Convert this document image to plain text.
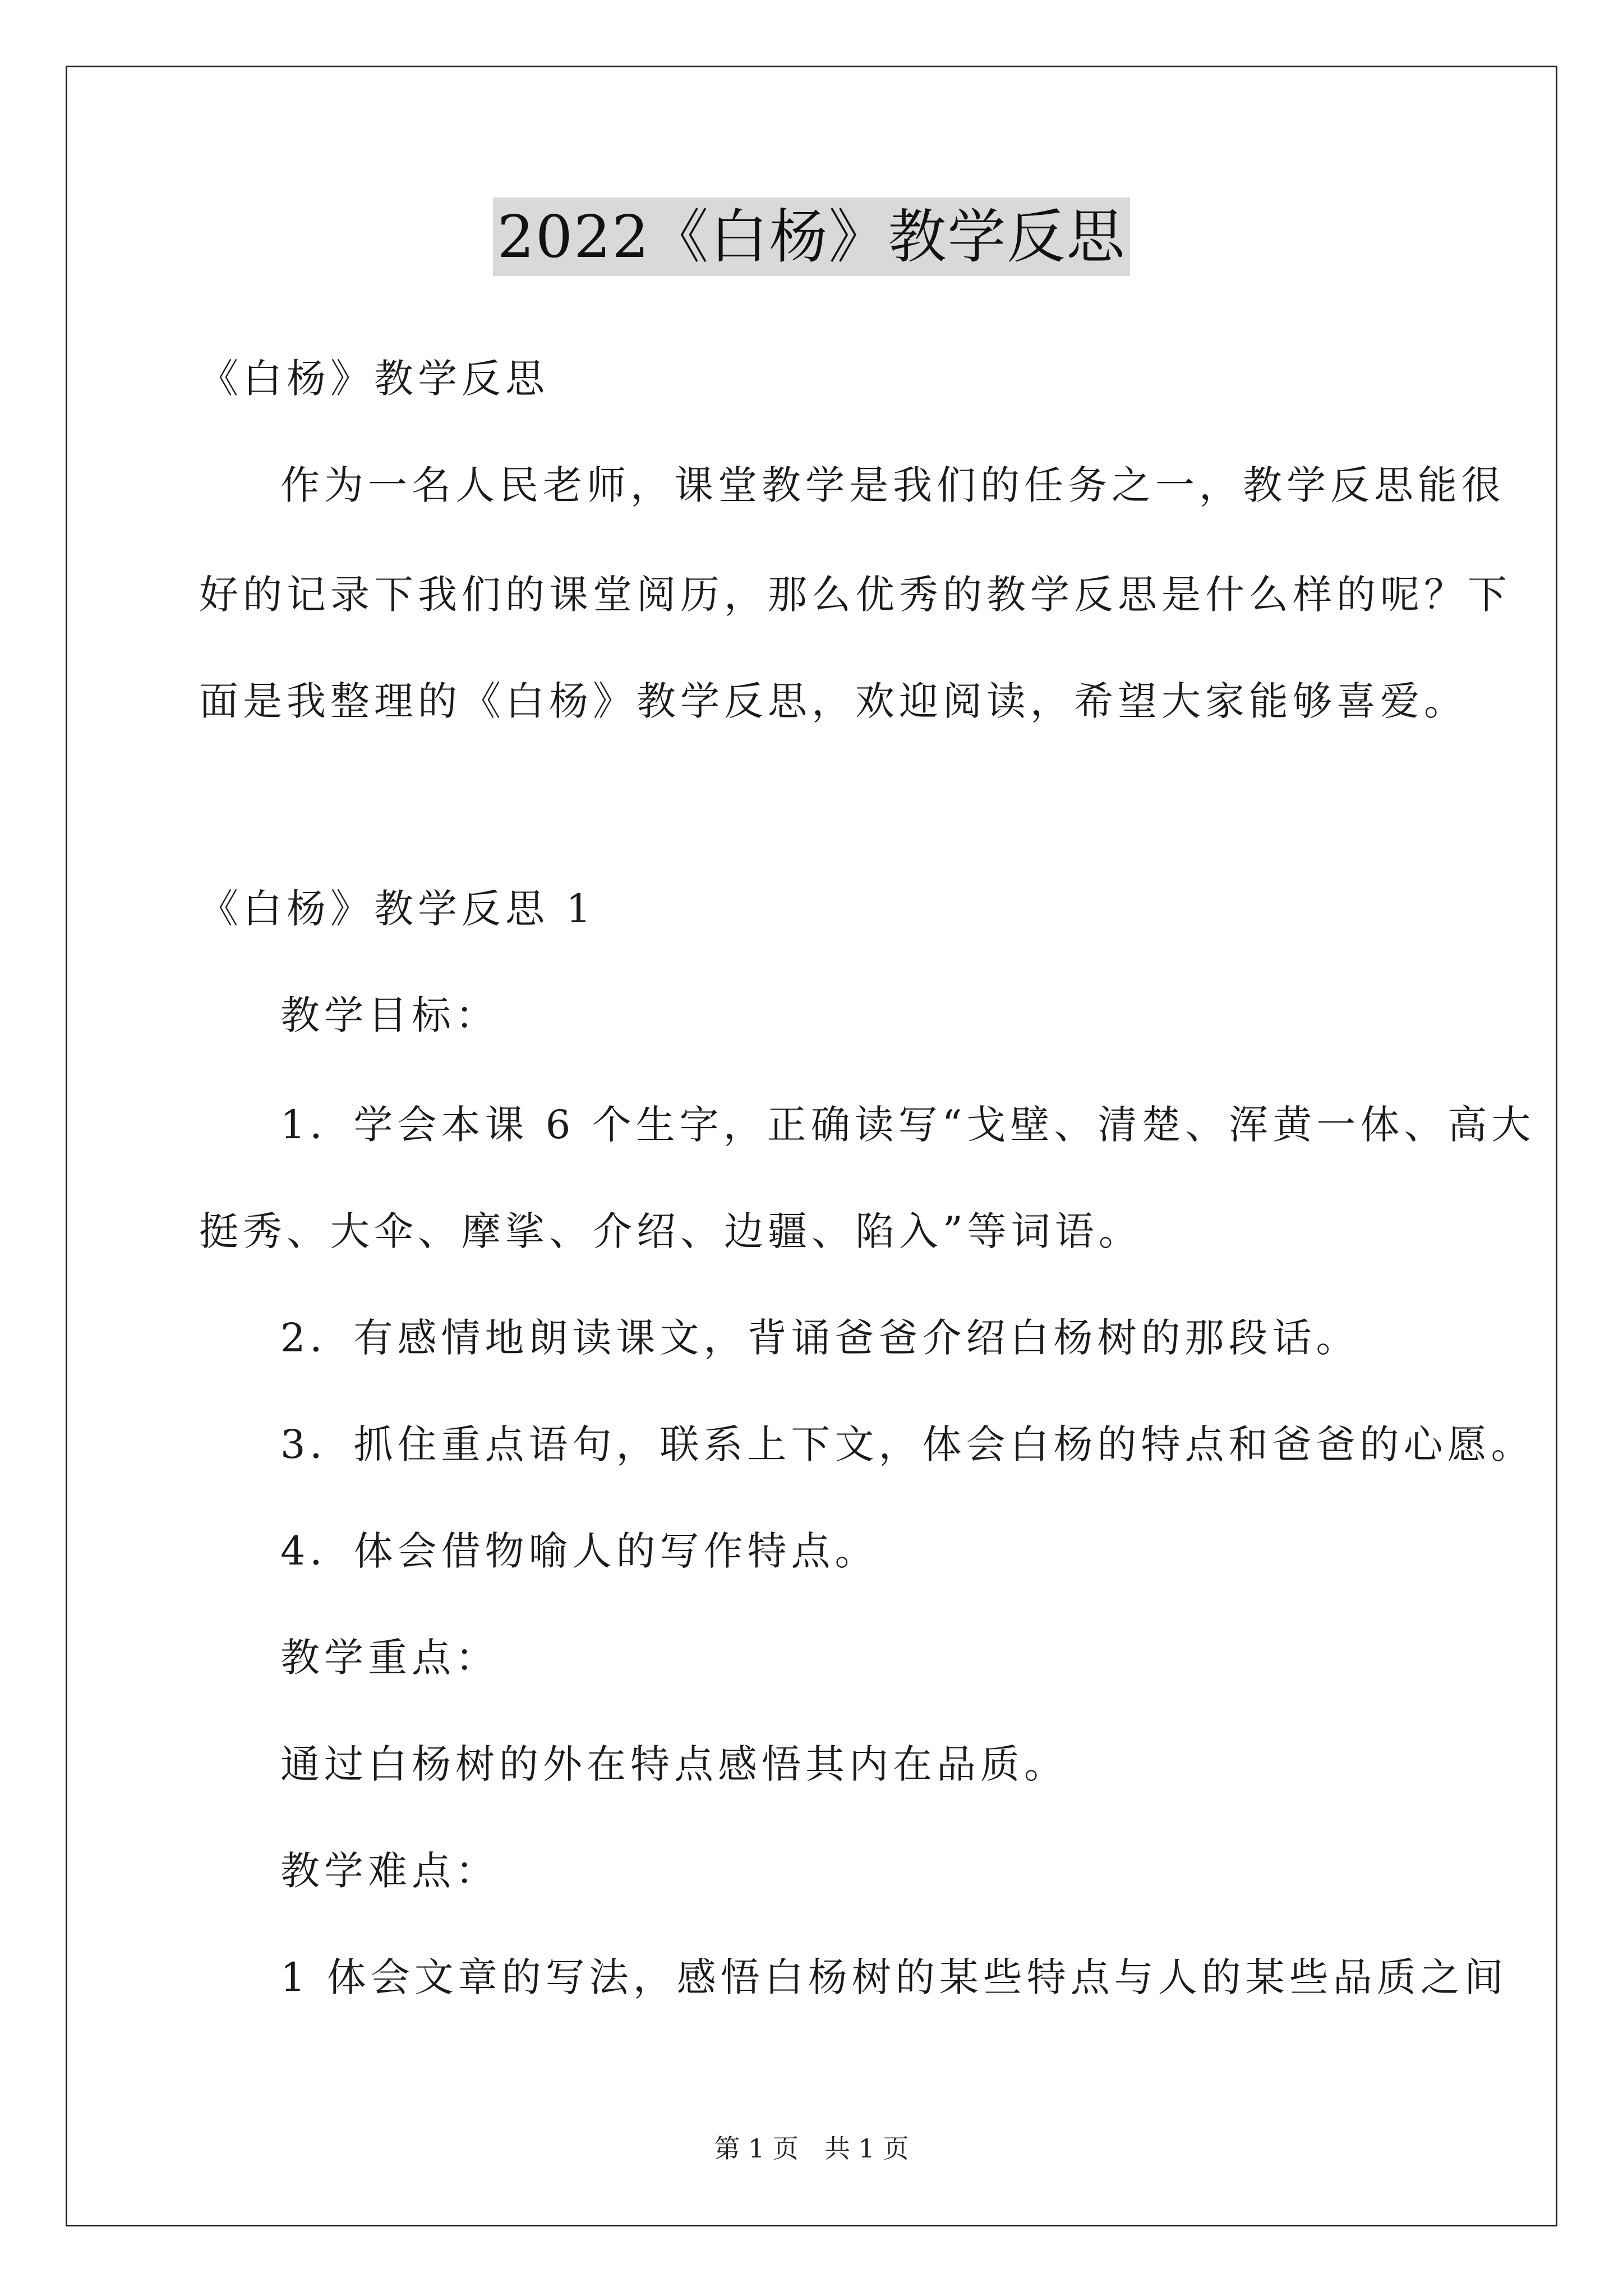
2022《白杨》教学反思
《白杨》教学反思
作为一名人民老师，课堂教学是我们的任务之一，教学反思能很
好的记录下我们的课堂阅历，那么优秀的教学反思是什么样的呢？下
面是我整理的《白杨》教学反思，欢迎阅读，希望大家能够喜爱。
《白杨》教学反思 1
教学目标：
1．学会本课 6 个生字，正确读写“戈壁、清楚、浑黄一体、高大
挺秀、大伞、摩挲、介绍、边疆、陷入”等词语。
2．有感情地朗读课文，背诵爸爸介绍白杨树的那段话。
3．抓住重点语句，联系上下文，体会白杨的特点和爸爸的心愿。
4．体会借物喻人的写作特点。
教学重点：
通过白杨树的外在特点感悟其内在品质。
教学难点：
1 体会文章的写法，感悟白杨树的某些特点与人的某些品质之间
第 1 页　共 1 页
